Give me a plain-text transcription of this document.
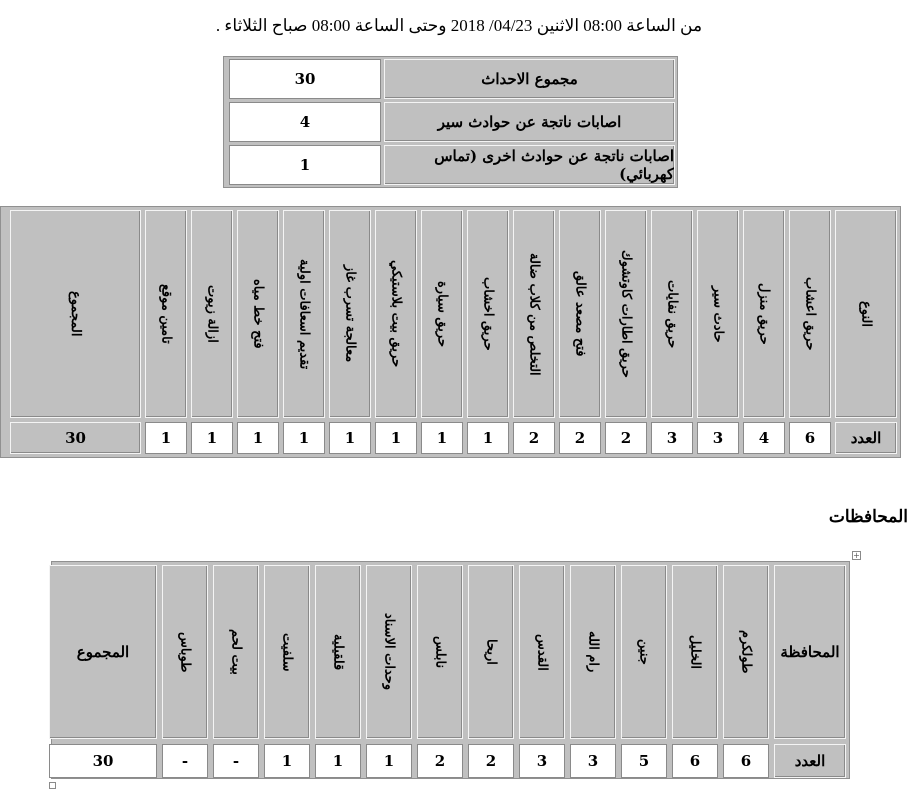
من الساعة 08:00 الاثنين 04/23/ 2018 وحتى الساعة 08:00 صباح الثلاثاء .
مجموع الاحداث
30
اصابات ناتجة عن حوادث سير
4
اصابات ناتجة عن حوادث اخرى (تماس كهربائي)
1
النوع
حريق اعشاب
حريق منزل
حادث سير
حريق نفايات
حريق اطارات كاوتشوك
فتح مصعد عالق
التخلص من كلاب ضالة
حريق اخشاب
حريق سيارة
حريق بيت بلاستيكي
معالجة تسرب غاز
تقديم اسعافات اولية
فتح خط مياه
ازالة زيوت
تامين موقع
المجموع
العدد
6
4
3
3
2
2
2
1
1
1
1
1
1
1
1
30
المحافظات
+
المحافظة
طولكرم
الخليل
جنين
رام الله
القدس
اريحا
نابلس
وحدات الاسناد
قلقيلية
سلفيت
بيت لحم
طوباس
المجموع
العدد
6
6
5
3
3
2
2
1
1
1
-
-
30
